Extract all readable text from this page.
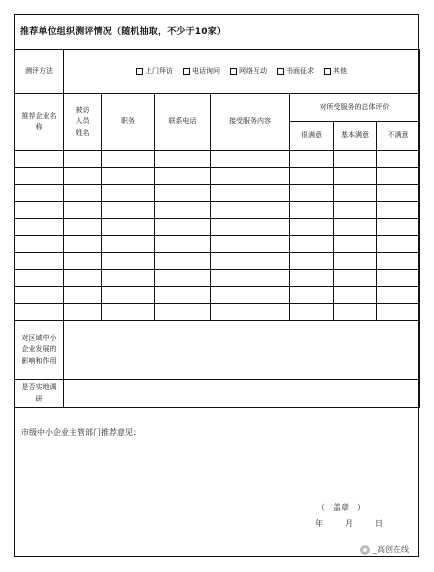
推荐单位组织测评情况（随机抽取，不少于10家）
测评方法	上门拜访 电话询问 网络互动 书面征求 其他						

推荐企业名称	被访人员姓名	职务	联系电话	接受服务内容	对所受服务的总体评价		
					很满意	基本满意	不满意

对区域中小企业发展的影响和作用							

是否实地调研							

市级中小企业主管部门推荐意见：
（　盖章　）
年	月	日
_高创在线
